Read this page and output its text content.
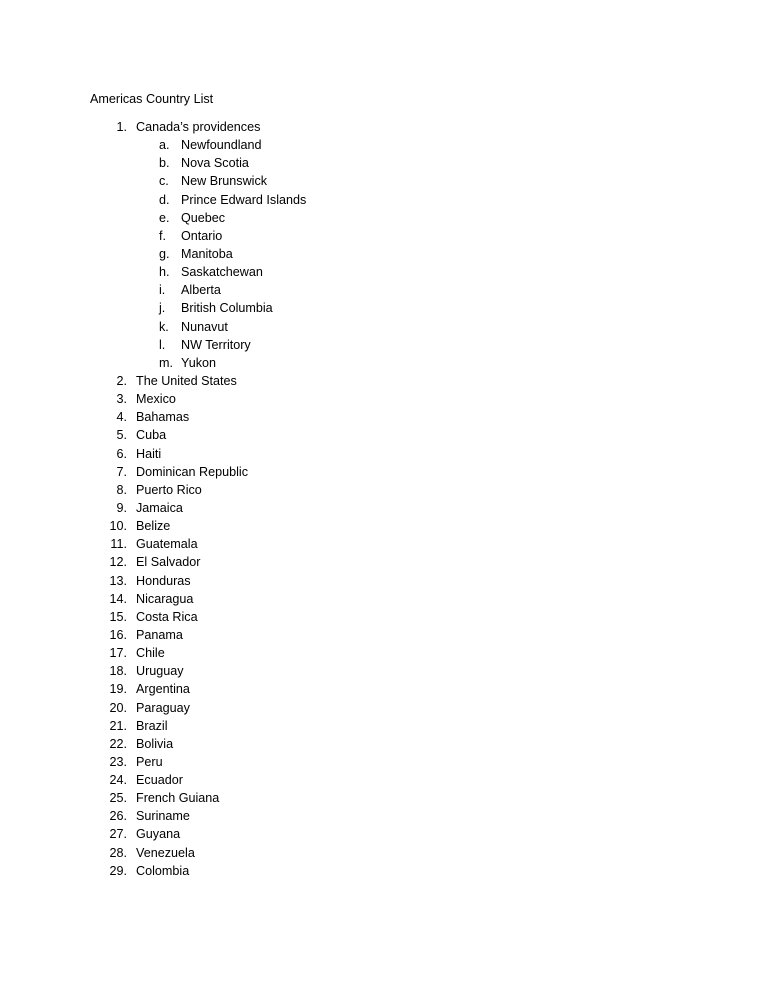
Americas Country List
1. Canada’s providences
a. Newfoundland
b. Nova Scotia
c. New Brunswick
d. Prince Edward Islands
e. Quebec
f. Ontario
g. Manitoba
h. Saskatchewan
i. Alberta
j. British Columbia
k. Nunavut
l. NW Territory
m. Yukon
2. The United States
3. Mexico
4. Bahamas
5. Cuba
6. Haiti
7. Dominican Republic
8. Puerto Rico
9. Jamaica
10. Belize
11. Guatemala
12. El Salvador
13. Honduras
14. Nicaragua
15. Costa Rica
16. Panama
17. Chile
18. Uruguay
19. Argentina
20. Paraguay
21. Brazil
22. Bolivia
23. Peru
24. Ecuador
25. French Guiana
26. Suriname
27. Guyana
28. Venezuela
29. Colombia
